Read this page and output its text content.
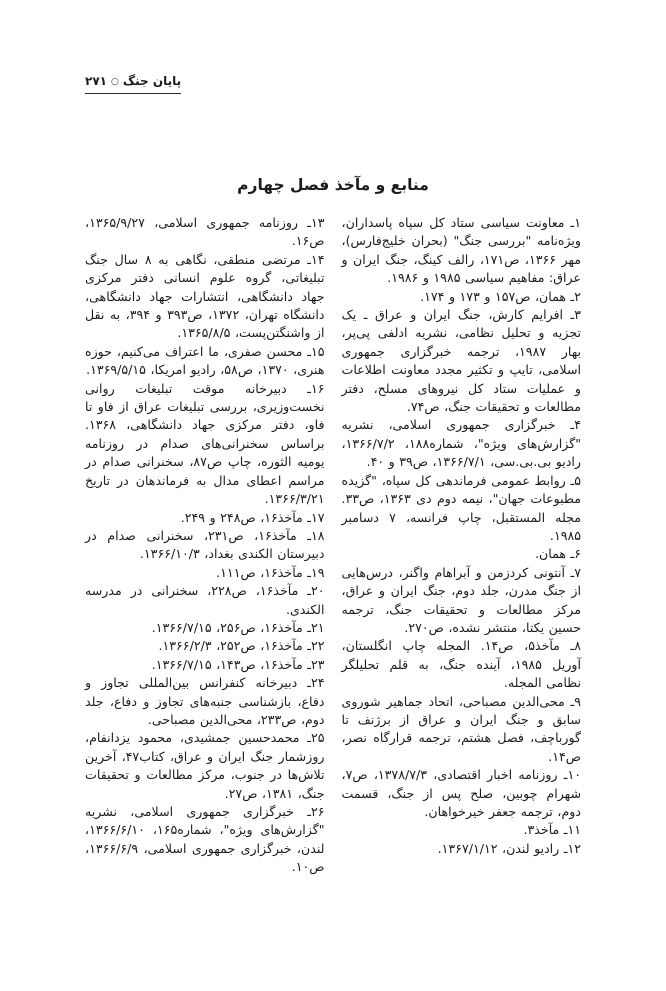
پایان جنگ○۲۷۱
منابع و مآخذ فصل چهارم

۱ـ معاونت سیاسی ستاد کل سپاه پاسداران، ویژه‌نامه "بررسی جنگ" (بحران خلیج‌فارس)، مهر ۱۳۶۶، ص۱۷۱، رالف کینگ، جنگ ایران و عراق: مفاهیم سیاسی ۱۹۸۵ و ۱۹۸۶.

۲ـ همان، ص۱۵۷ و ۱۷۳ و ۱۷۴.

۳ـ افرایم کارش، جنگ ایران و عراق ـ یک تجزیه و تحلیل نظامی، نشریه ادلفی پی‌پر، بهار ۱۹۸۷، ترجمه خبرگزاری جمهوری اسلامی، تایپ و تکثیر مجدد معاونت اطلاعات و عملیات ستاد کل نیروهای مسلح، دفتر مطالعات و تحقیقات جنگ، ص۷۴.

۴ـ خبرگزاری جمهوری اسلامی، نشریه "گزارش‌های ویژه"، شماره۱۸۸، ۱۳۶۶/۷/۲، رادیو بی.بی.سی، ۱۳۶۶/۷/۱، ص۳۹ و ۴۰.

۵ـ روابط عمومی فرماندهی کل سپاه، "گزیده مطبوعات جهان"، نیمه دوم دی ۱۳۶۳، ص۳۳. مجله المستقبل، چاپ فرانسه، ۷ دسامبر ۱۹۸۵.

۶ـ همان.

۷ـ آنتونی کردزمن و آبراهام واگنر، درس‌هایی از جنگ مدرن، جلد دوم، جنگ ایران و عراق، مرکز مطالعات و تحقیقات جنگ، ترجمه حسین یکتا، منتشر نشده، ص۲۷۰.

۸ـ مآخذ۵، ص۱۴. المجله چاپ انگلستان، آوریل ۱۹۸۵، آینده جنگ، به قلم تحلیلگر نظامی المجله.

۹ـ محی‌الدین مصباحی، اتحاد جماهیر شوروی سابق و جنگ ایران و عراق از برژنف تا گورباچف، فصل هشتم، ترجمه قرارگاه نصر، ص۱۴.

۱۰ـ روزنامه اخبار اقتصادی، ۱۳۷۸/۷/۳، ص۷، شهرام چوبین، صلح پس از جنگ، قسمت دوم، ترجمه جعفر خیرخواهان.

۱۱ـ مآخذ۳.

۱۲ـ رادیو لندن، ۱۳۶۷/۱/۱۲.

۱۳ـ روزنامه جمهوری اسلامی، ۱۳۶۵/۹/۲۷، ص۱۶.

۱۴ـ مرتضی منطقی، نگاهی به ۸ سال جنگ تبلیغاتی، گروه علوم انسانی دفتر مرکزی جهاد دانشگاهی، انتشارات جهاد دانشگاهی، دانشگاه تهران، ۱۳۷۲، ص۳۹۳ و ۳۹۴، به نقل از واشنگتن‌پست، ۱۳۶۵/۸/۵.

۱۵ـ محسن صفری، ما اعتراف می‌کنیم، حوزه هنری، ۱۳۷۰، ص۵۸، رادیو امریکا، ۱۳۶۹/۵/۱۵.

۱۶ـ دبیرخانه موقت تبلیغات روانی نخست‌وزیری، بررسی تبلیغات عراق از فاو تا فاو، دفتر مرکزی جهاد دانشگاهی، ۱۳۶۸. براساس سخنرانی‌های صدام در روزنامه یومیه الثوره، چاپ ص۸۷، سخنرانی صدام در مراسم اعطای مدال به فرماندهان در تاریخ ۱۳۶۶/۳/۲۱.

۱۷ـ مآخذ۱۶، ص۲۴۸ و ۲۴۹.

۱۸ـ مآخذ۱۶، ص۲۳۱، سخنرانی صدام در دبیرستان الکندی بغداد، ۱۳۶۶/۱۰/۳.

۱۹ـ مآخذ۱۶، ص۱۱۱.

۲۰ـ مآخذ۱۶، ص۲۲۸، سخنرانی در مدرسه الکندی.

۲۱ـ مآخذ۱۶، ص۲۵۶، ۱۳۶۶/۷/۱۵.

۲۲ـ مآخذ۱۶، ص۲۵۲، ۱۳۶۶/۲/۳.

۲۳ـ مآخذ۱۶، ص۱۴۳، ۱۳۶۶/۷/۱۵.

۲۴ـ دبیرخانه کنفرانس بین‌المللی تجاوز و دفاع، بازشناسی جنبه‌های تجاوز و دفاع، جلد دوم، ص۲۳۳، محی‌الدین مصباحی.

۲۵ـ محمدحسین جمشیدی، محمود یزدانفام، روزشمار جنگ ایران و عراق، کتاب۴۷، آخرین تلاش‌ها در جنوب، مرکز مطالعات و تحقیقات جنگ، ۱۳۸۱، ص۲۷.

۲۶ـ خبرگزاری جمهوری اسلامی، نشریه "گزارش‌های ویژه"، شماره۱۶۵، ۱۳۶۶/۶/۱۰، لندن، خبرگزاری جمهوری اسلامی، ۱۳۶۶/۶/۹، ص۱۰.
